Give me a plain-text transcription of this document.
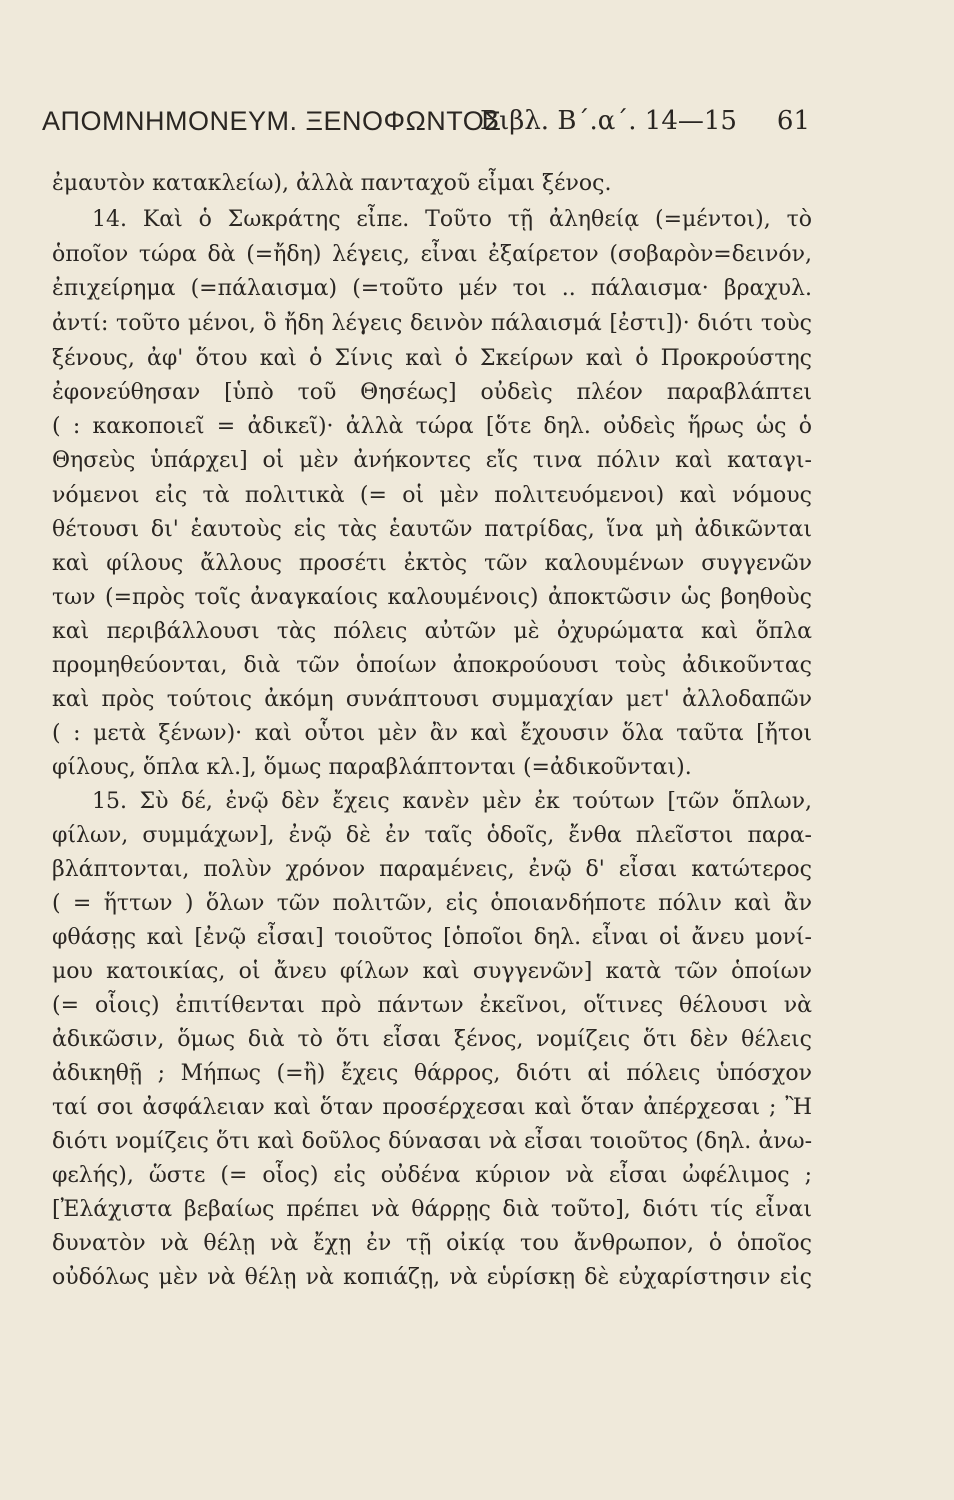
ΑΠΟΜΝΗΜΟΝΕΥΜ. ΞΕΝΟΦΩΝΤΟΣ
Βιβλ. Β΄.α΄. 14—15 61
ἐμαυτὸν κατακλείω), ἀλλὰ πανταχοῦ εἶμαι ξένος.
14. Καὶ ὁ Σωκράτης εἶπε. Τοῦτο τῇ ἀληθείᾳ (=μέντοι), τὸ
ὁποῖον τώρα δὰ (=ἤδη) λέγεις, εἶναι ἐξαίρετον (σοβαρὸν=δεινόν,
ἐπιχείρημα (=πάλαισμα) (=τοῦτο μέν τοι .. πάλαισμα· βραχυλ.
ἀντί: τοῦτο μένοι, ὃ ἤδη λέγεις δεινὸν πάλαισμά [ἐστι])· διότι τοὺς
ξένους, ἀφ' ὅτου καὶ ὁ Σίνις καὶ ὁ Σκείρων καὶ ὁ Προκρούστης
ἐφονεύθησαν [ὑπὸ τοῦ Θησέως] οὐδεὶς πλέον παραβλάπτει
( : κακοποιεῖ = ἀδικεῖ)· ἀλλὰ τώρα [ὅτε δηλ. οὐδεὶς ἥρως ὡς ὁ
Θησεὺς ὑπάρχει] οἱ μὲν ἀνήκοντες εἴς τινα πόλιν καὶ καταγι-
νόμενοι εἰς τὰ πολιτικὰ (= οἱ μὲν πολιτευόμενοι) καὶ νόμους
θέτουσι δι' ἑαυτοὺς εἰς τὰς ἑαυτῶν πατρίδας, ἵνα μὴ ἀδικῶνται
καὶ φίλους ἄλλους προσέτι ἐκτὸς τῶν καλουμένων συγγενῶν
των (=πρὸς τοῖς ἀναγκαίοις καλουμένοις) ἀποκτῶσιν ὡς βοηθοὺς
καὶ περιβάλλουσι τὰς πόλεις αὐτῶν μὲ ὀχυρώματα καὶ ὅπλα
προμηθεύονται, διὰ τῶν ὁποίων ἀποκρούουσι τοὺς ἀδικοῦντας
καὶ πρὸς τούτοις ἀκόμη συνάπτουσι συμμαχίαν μετ' ἀλλοδαπῶν
( : μετὰ ξένων)· καὶ οὗτοι μὲν ἂν καὶ ἔχουσιν ὅλα ταῦτα [ἤτοι
φίλους, ὅπλα κλ.], ὅμως παραβλάπτονται (=ἀδικοῦνται).
15. Σὺ δέ, ἐνῷ δὲν ἔχεις κανὲν μὲν ἐκ τούτων [τῶν ὅπλων,
φίλων, συμμάχων], ἐνῷ δὲ ἐν ταῖς ὁδοῖς, ἔνθα πλεῖστοι παρα-
βλάπτονται, πολὺν χρόνον παραμένεις, ἐνῷ δ' εἶσαι κατώτερος
( = ἥττων ) ὅλων τῶν πολιτῶν, εἰς ὁποιανδήποτε πόλιν καὶ ἂν
φθάσῃς καὶ [ἐνῷ εἶσαι] τοιοῦτος [ὁποῖοι δηλ. εἶναι οἱ ἄνευ μονί-
μου κατοικίας, οἱ ἄνευ φίλων καὶ συγγενῶν] κατὰ τῶν ὁποίων
(= οἷοις) ἐπιτίθενται πρὸ πάντων ἐκεῖνοι, οἵτινες θέλουσι νὰ
ἀδικῶσιν, ὅμως διὰ τὸ ὅτι εἶσαι ξένος, νομίζεις ὅτι δὲν θέλεις
ἀδικηθῇ ; Μήπως (=ἢ) ἔχεις θάρρος, διότι αἱ πόλεις ὑπόσχον
ταί σοι ἀσφάλειαν καὶ ὅταν προσέρχεσαι καὶ ὅταν ἀπέρχεσαι ; Ἢ
διότι νομίζεις ὅτι καὶ δοῦλος δύνασαι νὰ εἶσαι τοιοῦτος (δηλ. ἀνω-
φελής), ὥστε (= οἷος) εἰς οὐδένα κύριον νὰ εἶσαι ὠφέλιμος ;
[Ἐλάχιστα βεβαίως πρέπει νὰ θάρρῃς διὰ τοῦτο], διότι τίς εἶναι
δυνατὸν νὰ θέλῃ νὰ ἔχῃ ἐν τῇ οἰκίᾳ του ἄνθρωπον, ὁ ὁποῖος
οὐδόλως μὲν νὰ θέλῃ νὰ κοπιάζῃ, νὰ εὑρίσκῃ δὲ εὐχαρίστησιν εἰς
